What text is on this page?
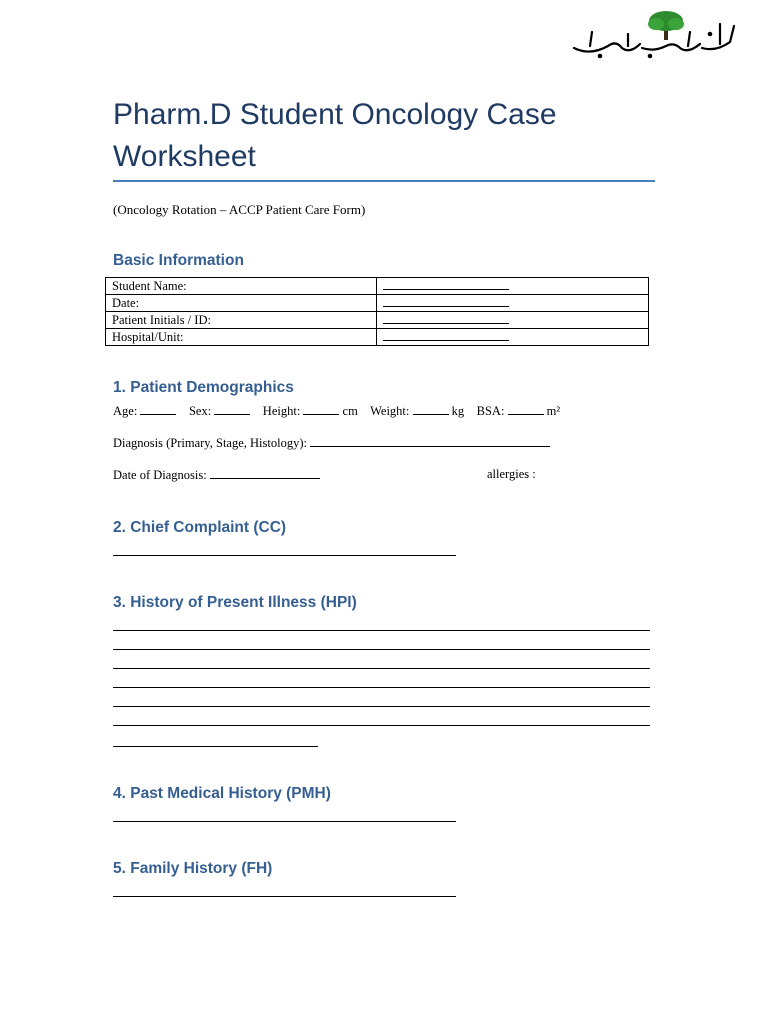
Pharm.D Student Oncology Case Worksheet
(Oncology Rotation – ACCP Patient Care Form)
Basic Information
Student Name:	
Date:	
Patient Initials / ID:	
Hospital/Unit:	
1. Patient Demographics
Age:	Sex:	Height:	cm Weight:	kg BSA:	m²
Diagnosis (Primary, Stage, Histology):
Date of Diagnosis:	allergies :
2. Chief Complaint (CC)
3. History of Present Illness (HPI)
4. Past Medical History (PMH)
5. Family History (FH)
